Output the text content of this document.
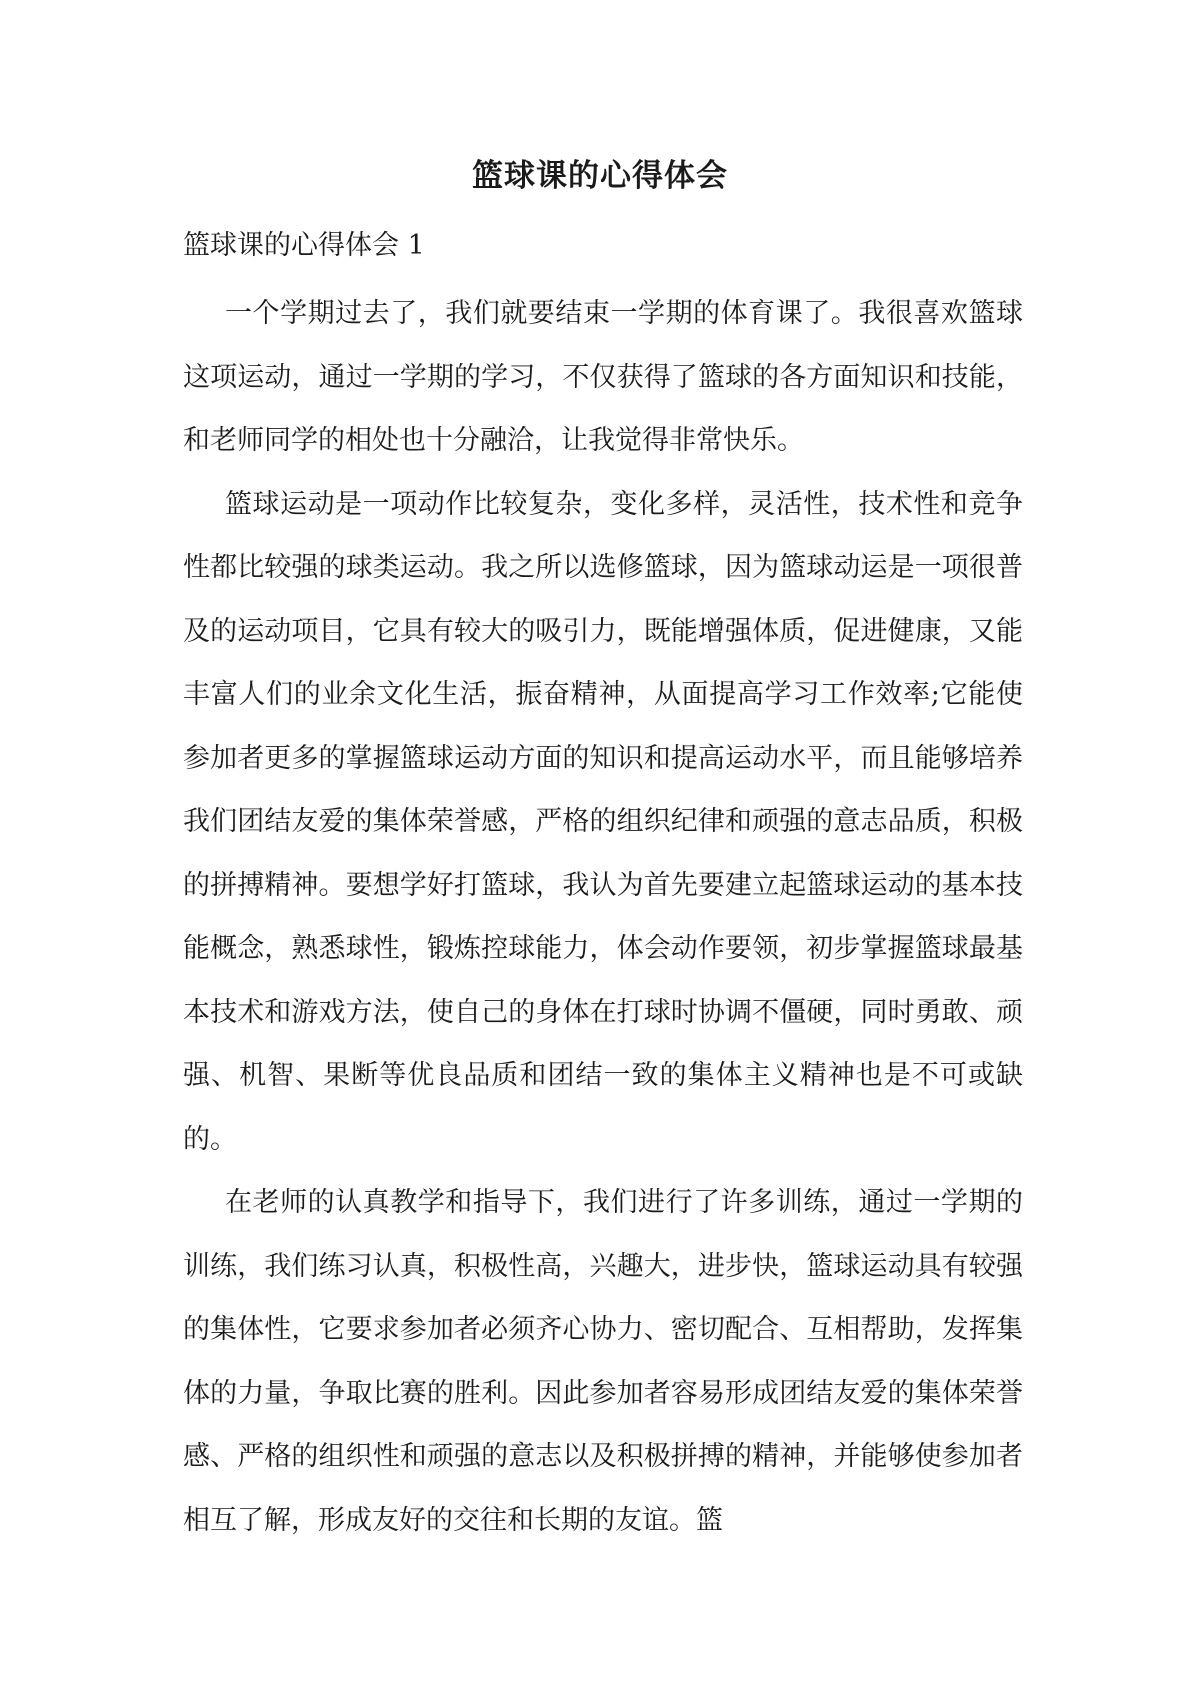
篮球课的心得体会
篮球课的心得体会 1

一个学期过去了，我们就要结束一学期的体育课了。我很喜欢篮球这项运动，通过一学期的学习，不仅获得了篮球的各方面知识和技能，和老师同学的相处也十分融洽，让我觉得非常快乐。

篮球运动是一项动作比较复杂，变化多样，灵活性，技术性和竞争性都比较强的球类运动。我之所以选修篮球，因为篮球动运是一项很普及的运动项目，它具有较大的吸引力，既能增强体质，促进健康，又能丰富人们的业余文化生活，振奋精神，从面提高学习工作效率;它能使参加者更多的掌握篮球运动方面的知识和提高运动水平，而且能够培养我们团结友爱的集体荣誉感，严格的组织纪律和顽强的意志品质，积极的拼搏精神。要想学好打篮球，我认为首先要建立起篮球运动的基本技能概念，熟悉球性，锻炼控球能力，体会动作要领，初步掌握篮球最基本技术和游戏方法，使自己的身体在打球时协调不僵硬，同时勇敢、顽强、机智、果断等优良品质和团结一致的集体主义精神也是不可或缺的。

在老师的认真教学和指导下，我们进行了许多训练，通过一学期的训练，我们练习认真，积极性高，兴趣大，进步快，篮球运动具有较强的集体性，它要求参加者必须齐心协力、密切配合、互相帮助，发挥集体的力量，争取比赛的胜利。因此参加者容易形成团结友爱的集体荣誉感、严格的组织性和顽强的意志以及积极拼搏的精神，并能够使参加者相互了解，形成友好的交往和长期的友谊。篮
